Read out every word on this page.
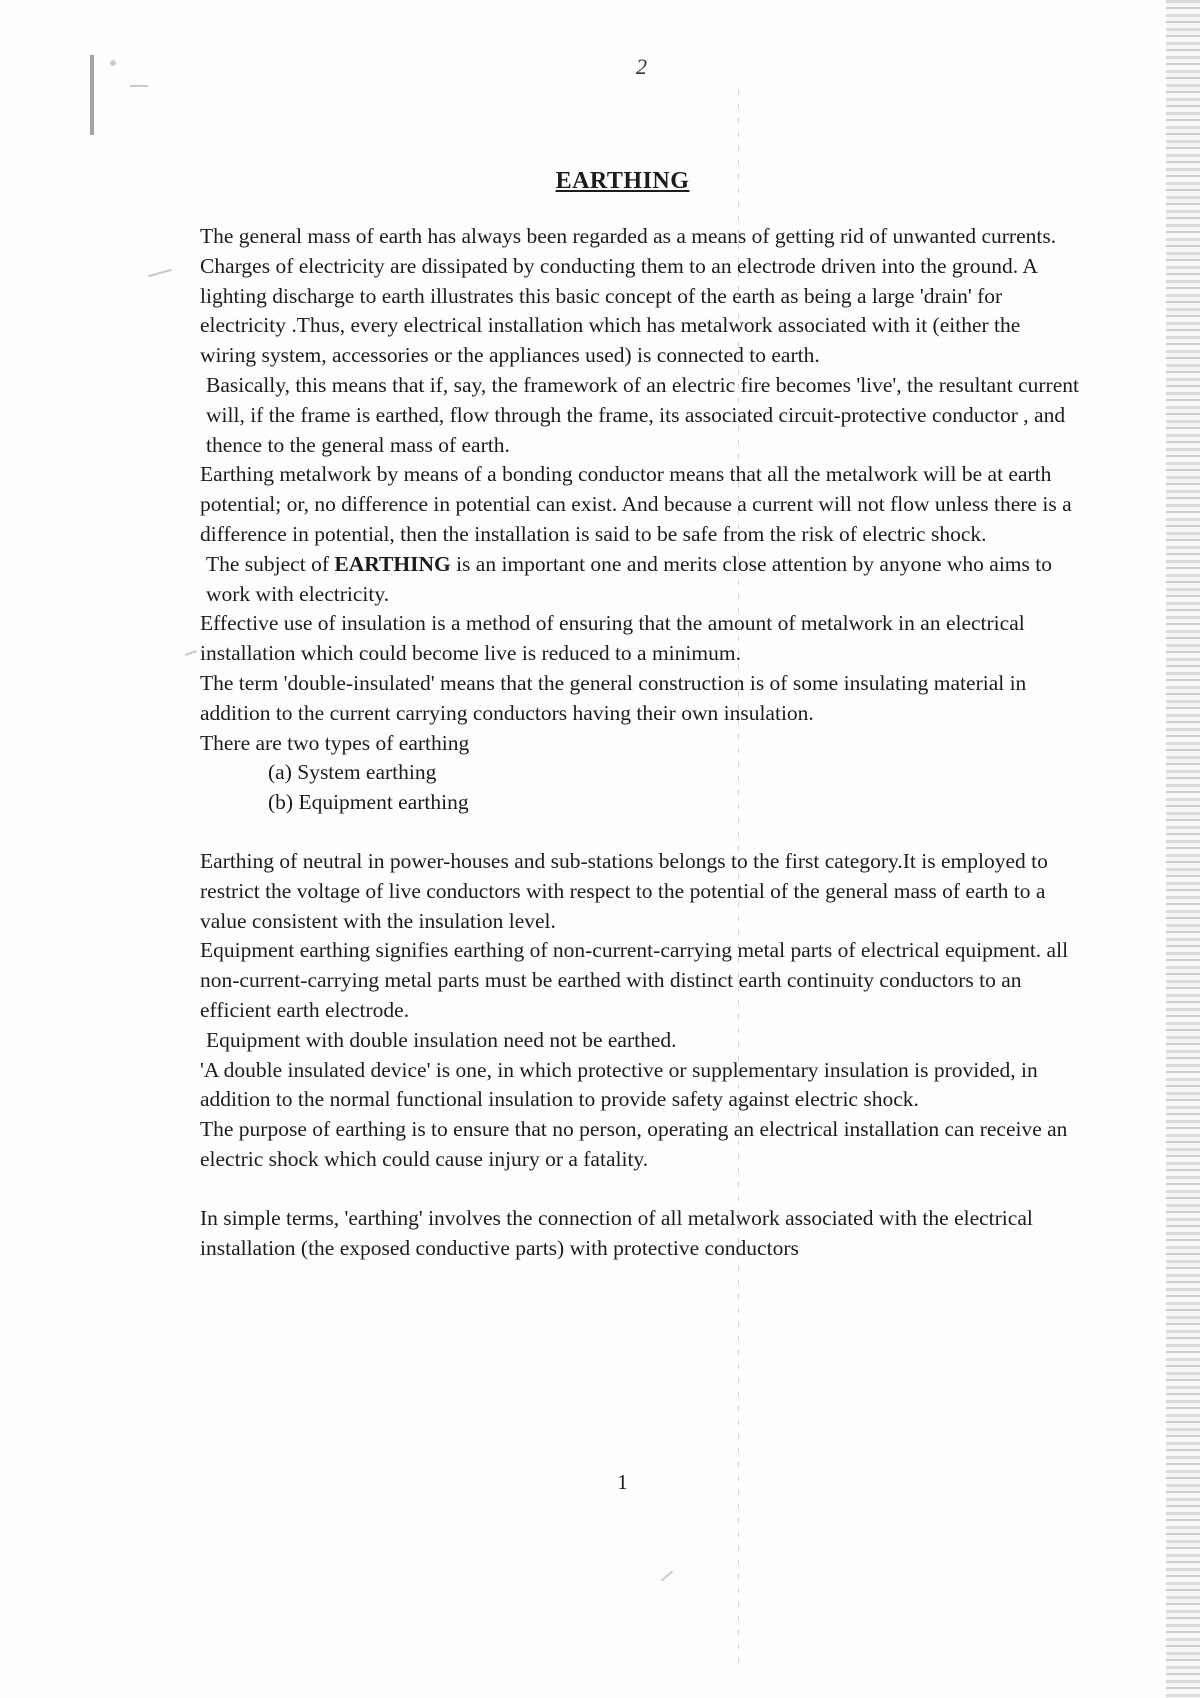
2
EARTHING

The general mass of earth has always been regarded as a means of getting rid of unwanted currents. Charges of electricity are dissipated by conducting them to an electrode driven into the ground. A lighting discharge to earth illustrates this basic concept of the earth as being a large 'drain' for electricity .Thus, every electrical installation which has metalwork associated with it (either the wiring system, accessories or the appliances used) is connected to earth.

Basically, this means that if, say, the framework of an electric fire becomes 'live', the resultant current will, if the frame is earthed, flow through the frame, its associated circuit-protective conductor , and thence to the general mass of earth.

Earthing metalwork by means of a bonding conductor means that all the metalwork will be at earth potential; or, no difference in potential can exist. And because a current will not flow unless there is a difference in potential, then the installation is said to be safe from the risk of electric shock.

The subject of EARTHING is an important one and merits close attention by anyone who aims to work with electricity.

Effective use of insulation is a method of ensuring that the amount of metalwork in an electrical installation which could become live is reduced to a minimum.

The term 'double-insulated' means that the general construction is of some insulating material in addition to the current carrying conductors having their own insulation.

There are two types of earthing

(a) System earthing

(b) Equipment earthing

Earthing of neutral in power-houses and sub-stations belongs to the first category.It is employed to restrict the voltage of live conductors with respect to the potential of the general mass of earth to a value consistent with the insulation level.

Equipment earthing signifies earthing of non-current-carrying metal parts of electrical equipment. all non-current-carrying metal parts must be earthed with distinct earth continuity conductors to an efficient earth electrode.

Equipment with double insulation need not be earthed.

'A double insulated device' is one, in which protective or supplementary insulation is provided, in addition to the normal functional insulation to provide safety against electric shock.

The purpose of earthing is to ensure that no person, operating an electrical installation can receive an electric shock which could cause injury or a fatality.

In simple terms, 'earthing' involves the connection of all metalwork associated with the electrical installation (the exposed conductive parts) with protective conductors

1
